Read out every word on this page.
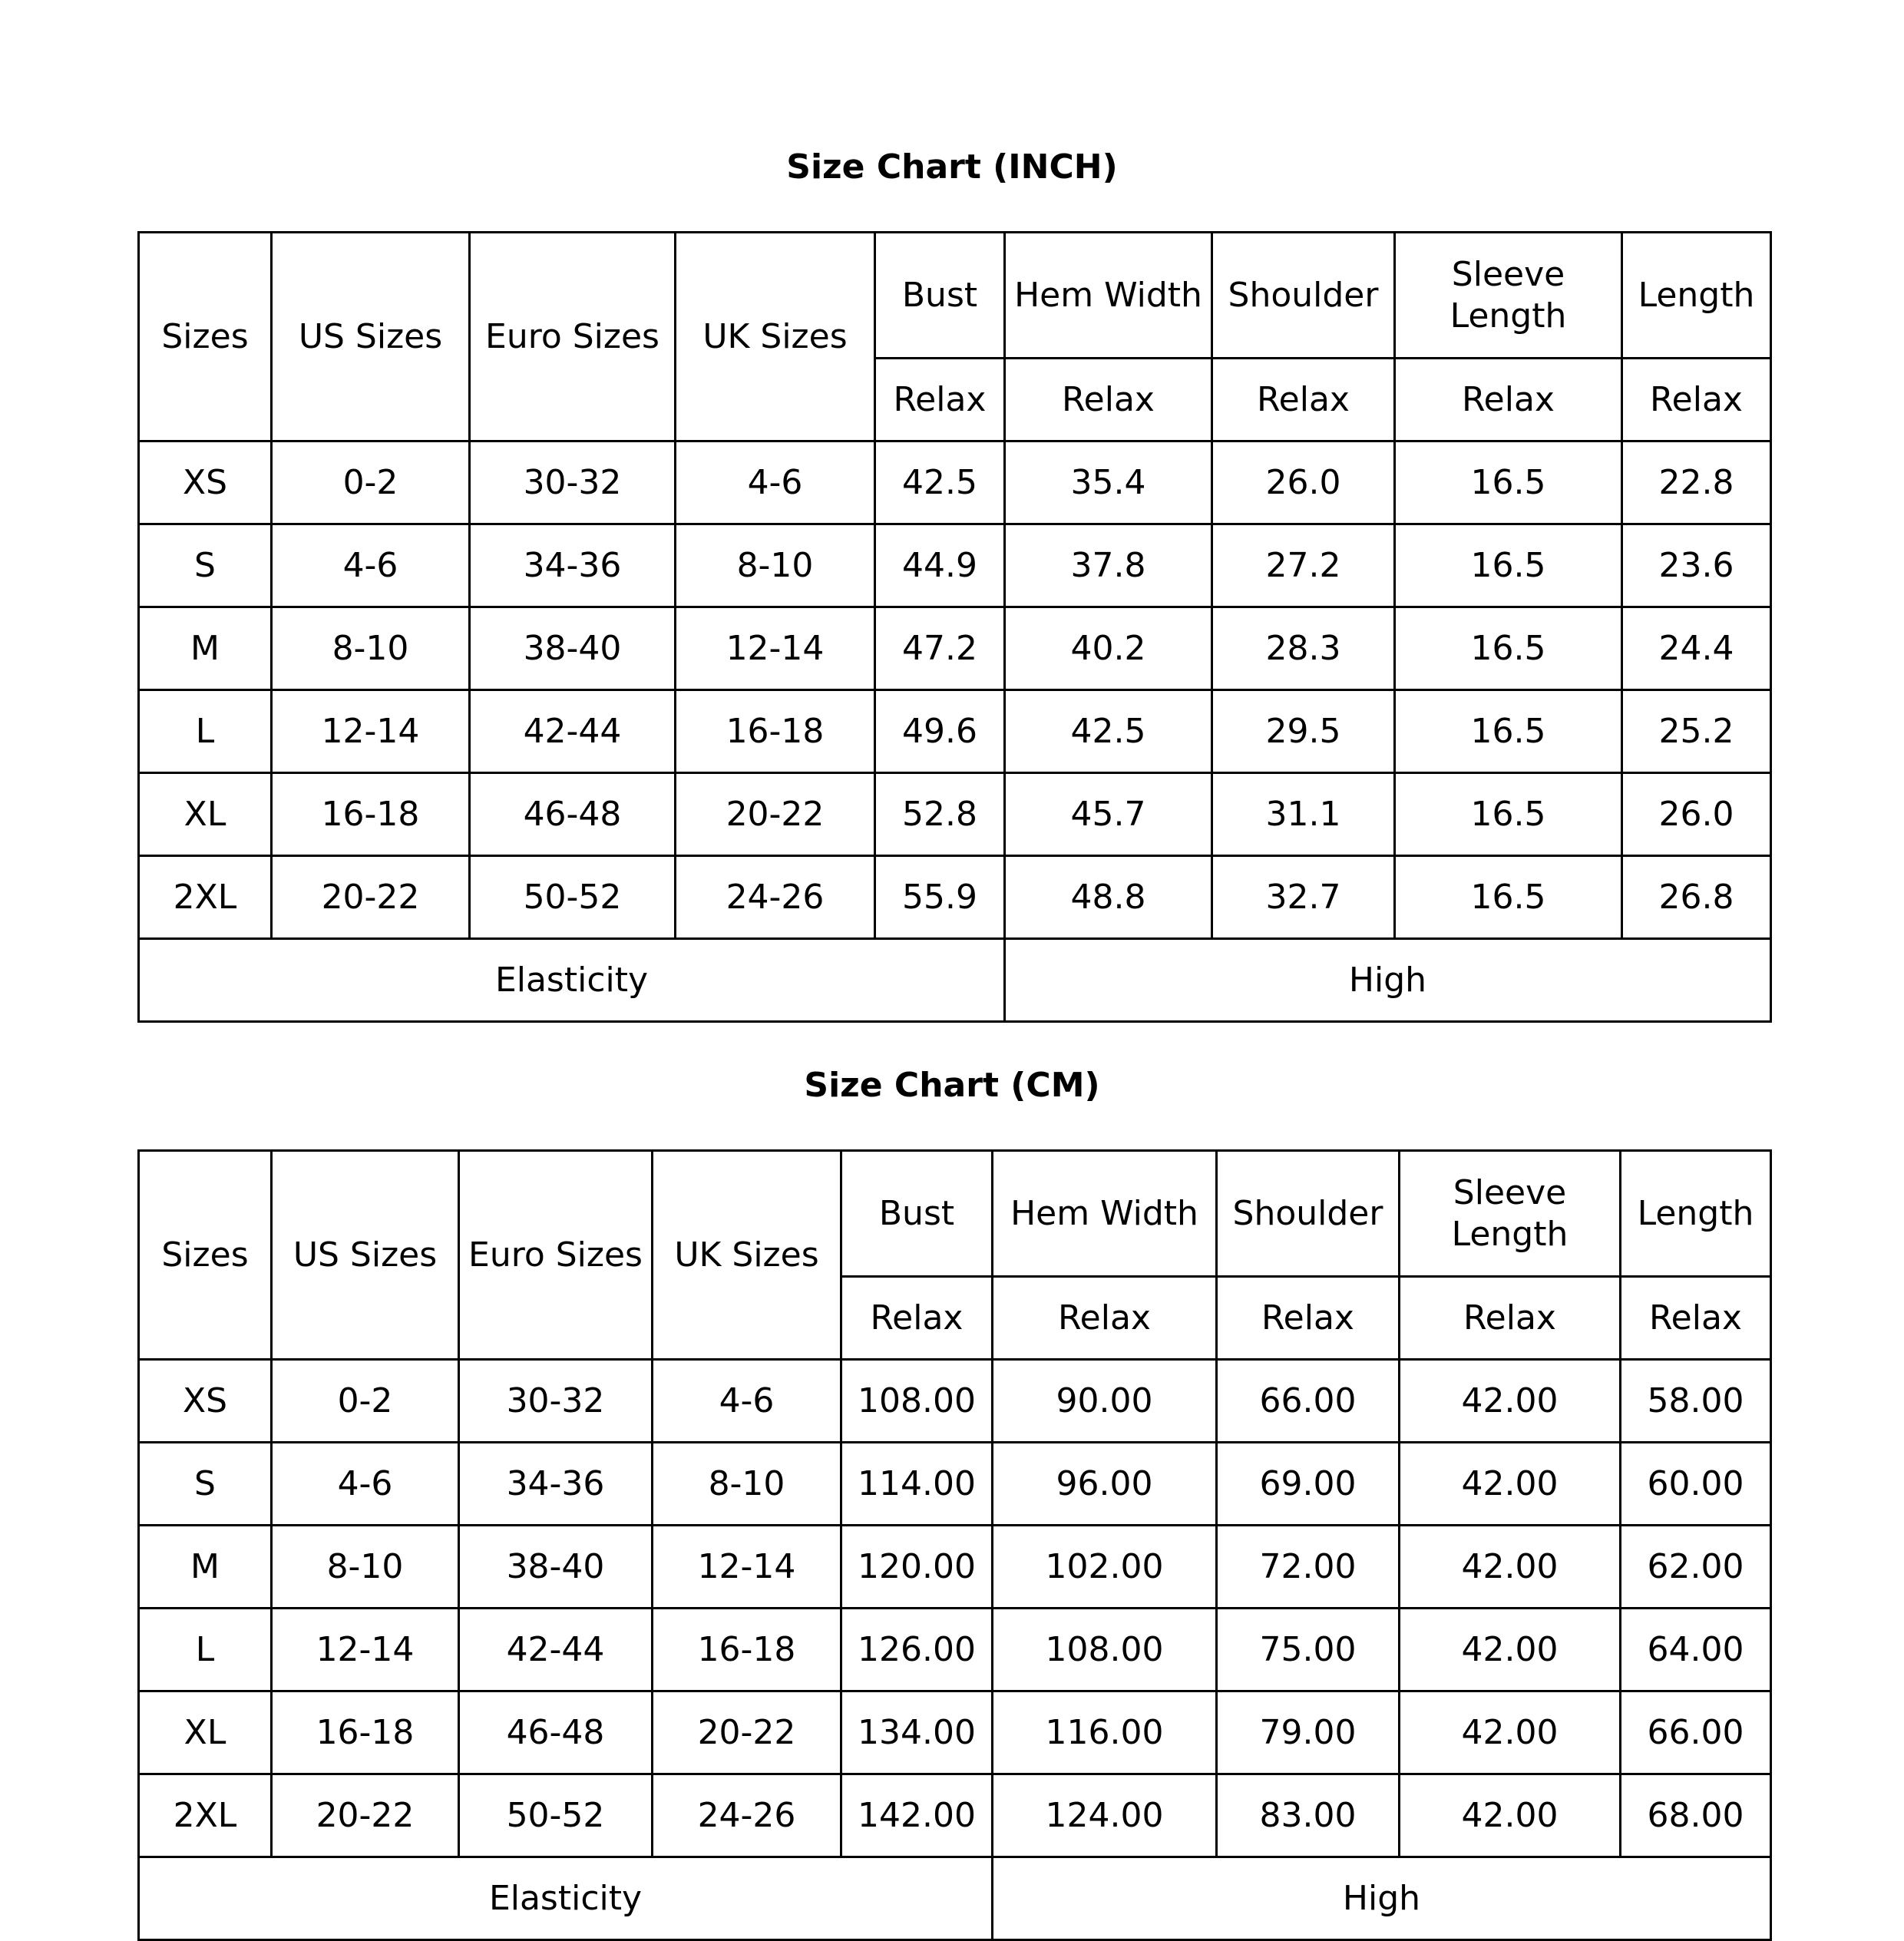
Size Chart (INCH)
Sizes	US Sizes	Euro Sizes	UK Sizes	Bust	Hem Width	Shoulder	Sleeve Length	Length
				Relax	Relax	Relax	Relax	Relax
XS	0-2	30-32	4-6	42.5	35.4	26.0	16.5	22.8
S	4-6	34-36	8-10	44.9	37.8	27.2	16.5	23.6
M	8-10	38-40	12-14	47.2	40.2	28.3	16.5	24.4
L	12-14	42-44	16-18	49.6	42.5	29.5	16.5	25.2
XL	16-18	46-48	20-22	52.8	45.7	31.1	16.5	26.0
2XL	20-22	50-52	24-26	55.9	48.8	32.7	16.5	26.8
Elasticity					High			
Size Chart (CM)
Sizes	US Sizes	Euro Sizes	UK Sizes	Bust	Hem Width	Shoulder	Sleeve Length	Length
				Relax	Relax	Relax	Relax	Relax
XS	0-2	30-32	4-6	108.00	90.00	66.00	42.00	58.00
S	4-6	34-36	8-10	114.00	96.00	69.00	42.00	60.00
M	8-10	38-40	12-14	120.00	102.00	72.00	42.00	62.00
L	12-14	42-44	16-18	126.00	108.00	75.00	42.00	64.00
XL	16-18	46-48	20-22	134.00	116.00	79.00	42.00	66.00
2XL	20-22	50-52	24-26	142.00	124.00	83.00	42.00	68.00
Elasticity					High			
